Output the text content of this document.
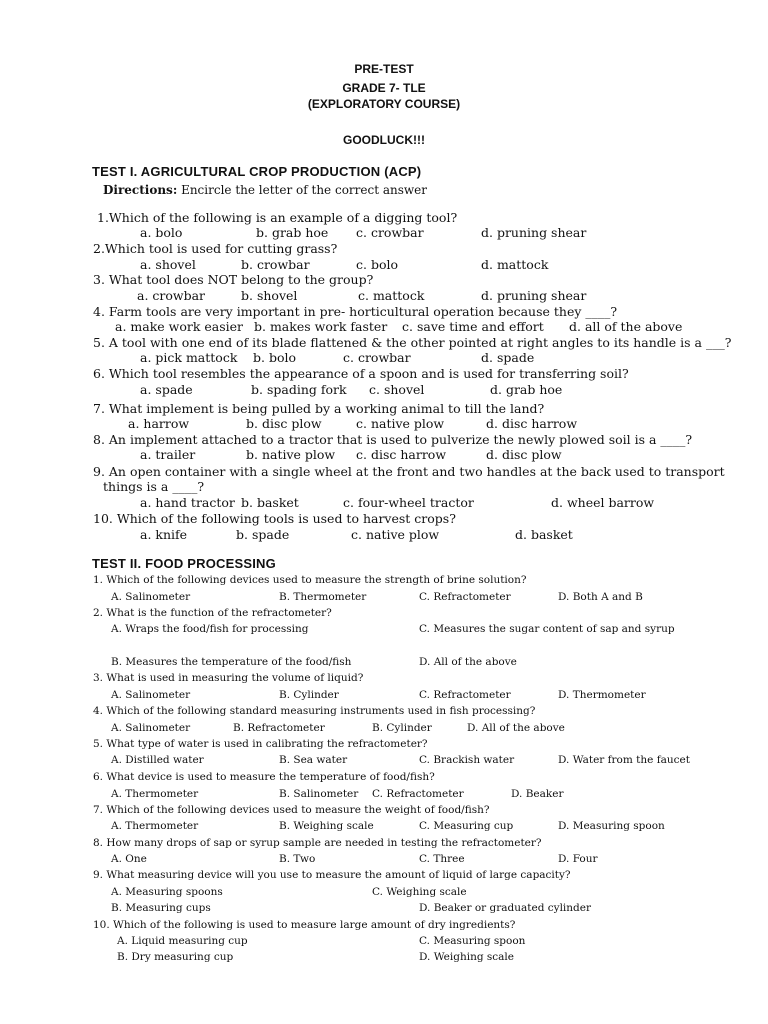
PRE-TEST
GRADE 7- TLE
(EXPLORATORY COURSE)
GOODLUCK!!!
TEST I. AGRICULTURAL CROP PRODUCTION (ACP)
Directions: Encircle the letter of the correct answer
1.Which of the following is an example of a digging tool?
a. bolo	b. grab hoe c. crowbar	d. pruning shear
2.Which tool is used for cutting grass?
a. shovel	b. crowbar	c. bolo	d. mattock
3. What tool does NOT belong to the group?
a. crowbar	b. shovel	c. mattock	d. pruning shear
4. Farm tools are very important in pre- horticultural operation because they ____?
a. make work easier b. makes work faster c. save time and effort d. all of the above
5. A tool with one end of its blade flattened & the other pointed at right angles to its handle is a ___?
a. pick mattock b. bolo	c. crowbar	d. spade
6. Which tool resembles the appearance of a spoon and is used for transferring soil?
a. spade	b. spading fork c. shovel	d. grab hoe
7. What implement is being pulled by a working animal to till the land?
a. harrow	b. disc plow	c. native plow	d. disc harrow
8. An implement attached to a tractor that is used to pulverize the newly plowed soil is a ____?
a. trailer	b. native plow c. disc harrow	d. disc plow
9. An open container with a single wheel at the front and two handles at the back used to transport
things is a ____?
a. hand tractor b. basket	c. four-wheel tractor	d. wheel barrow
10. Which of the following tools is used to harvest crops?
a. knife	b. spade	c. native plow	d. basket
TEST II. FOOD PROCESSING
1. Which of the following devices used to measure the strength of brine solution?
A. Salinometer	B. Thermometer	C. Refractometer	D. Both A and B
2. What is the function of the refractometer?
A. Wraps the food/fish for processing	C. Measures the sugar content of sap and syrup
B. Measures the temperature of the food/fish	D. All of the above
3. What is used in measuring the volume of liquid?
A. Salinometer	B. Cylinder	C. Refractometer	D. Thermometer
4. Which of the following standard measuring instruments used in fish processing?
A. Salinometer	B. Refractometer	B. Cylinder	D. All of the above
5. What type of water is used in calibrating the refractometer?
A. Distilled water	B. Sea water	C. Brackish water	D. Water from the faucet
6. What device is used to measure the temperature of food/fish?
A. Thermometer	B. Salinometer C. Refractometer	D. Beaker
7. Which of the following devices used to measure the weight of food/fish?
A. Thermometer	B. Weighing scale	C. Measuring cup	D. Measuring spoon
8. How many drops of sap or syrup sample are needed in testing the refractometer?
A. One	B. Two	C. Three	D. Four
9. What measuring device will you use to measure the amount of liquid of large capacity?
A. Measuring spoons	C. Weighing scale
B. Measuring cups	D. Beaker or graduated cylinder
10. Which of the following is used to measure large amount of dry ingredients?
A. Liquid measuring cup	C. Measuring spoon
B. Dry measuring cup	D. Weighing scale
